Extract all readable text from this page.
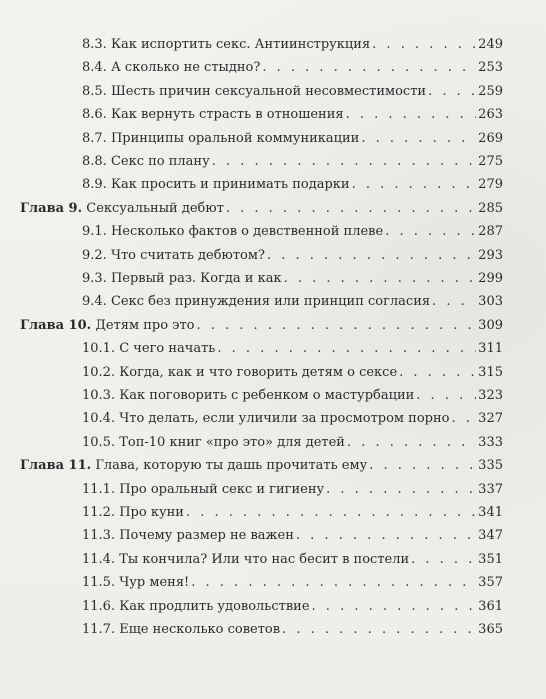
8.3. Как испортить секс. Антиинструкция . . .	249
8.4. А сколько не стыдно? . . .	253
8.5. Шесть причин сексуальной несовместимости . . .	259
8.6. Как вернуть страсть в отношения . . .	263
8.7. Принципы оральной коммуникации . . .	269
8.8. Секс по плану . . .	275
8.9. Как просить и принимать подарки . . .	279
Глава 9. Сексуальный дебют . . .	285
9.1. Несколько фактов о девственной плеве . . .	287
9.2. Что считать дебютом? . . .	293
9.3. Первый раз. Когда и как . . .	299
9.4. Секс без принуждения или принцип согласия . . .	303
Глава 10. Детям про это . . .	309
10.1. С чего начать . . .	311
10.2. Когда, как и что говорить детям о сексе . . .	315
10.3. Как поговорить с ребенком о мастурбации . . .	323
10.4. Что делать, если уличили за просмотром порно . . . 327
10.5. Топ-10 книг «про это» для детей . . .	333
Глава 11. Глава, которую ты дашь прочитать ему . . .	335
11.1. Про оральный секс и гигиену . . .	337
11.2. Про куни . . .	341
11.3. Почему размер не важен . . .	347
11.4. Ты кончила? Или что нас бесит в постели . . .	351
11.5. Чур меня! . . .	357
11.6. Как продлить удовольствие . . .	361
11.7. Еще несколько советов . . .	365
